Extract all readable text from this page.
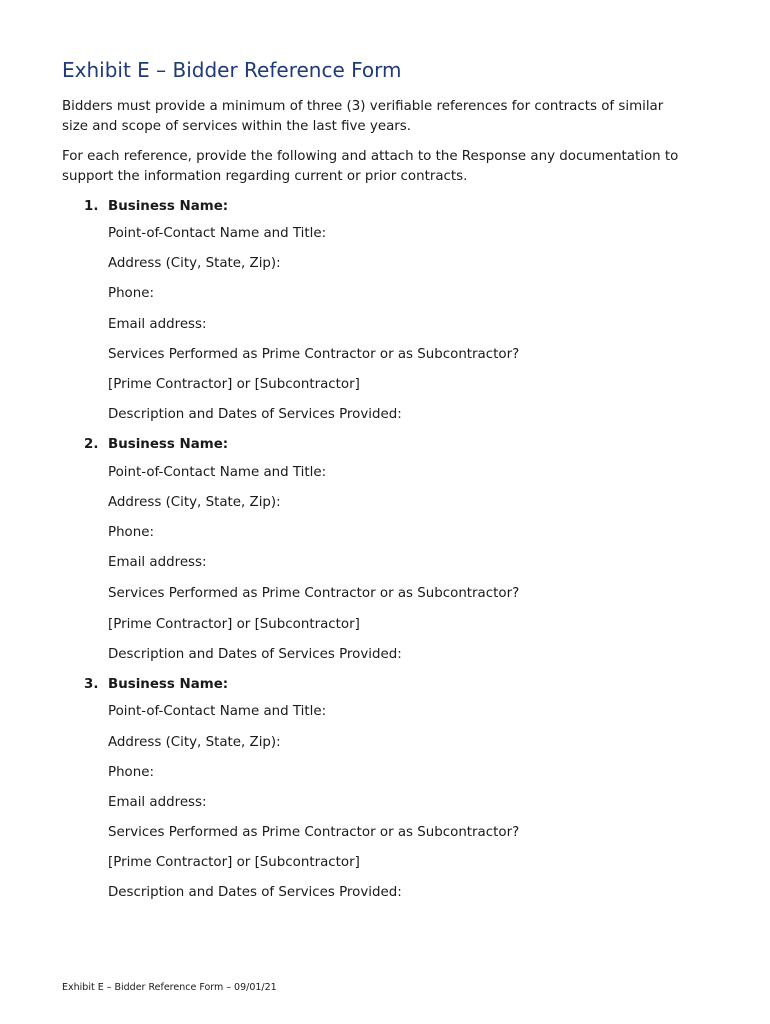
Exhibit E – Bidder Reference Form
Bidders must provide a minimum of three (3) verifiable references for contracts of similar size and scope of services within the last five years.
For each reference, provide the following and attach to the Response any documentation to support the information regarding current or prior contracts.
1. Business Name:
Point-of-Contact Name and Title:
Address (City, State, Zip):
Phone:
Email address:
Services Performed as Prime Contractor or as Subcontractor?
[Prime Contractor] or [Subcontractor]
Description and Dates of Services Provided:
2. Business Name:
Point-of-Contact Name and Title:
Address (City, State, Zip):
Phone:
Email address:
Services Performed as Prime Contractor or as Subcontractor?
[Prime Contractor] or [Subcontractor]
Description and Dates of Services Provided:
3. Business Name:
Point-of-Contact Name and Title:
Address (City, State, Zip):
Phone:
Email address:
Services Performed as Prime Contractor or as Subcontractor?
[Prime Contractor] or [Subcontractor]
Description and Dates of Services Provided:
Exhibit E – Bidder Reference Form – 09/01/21
